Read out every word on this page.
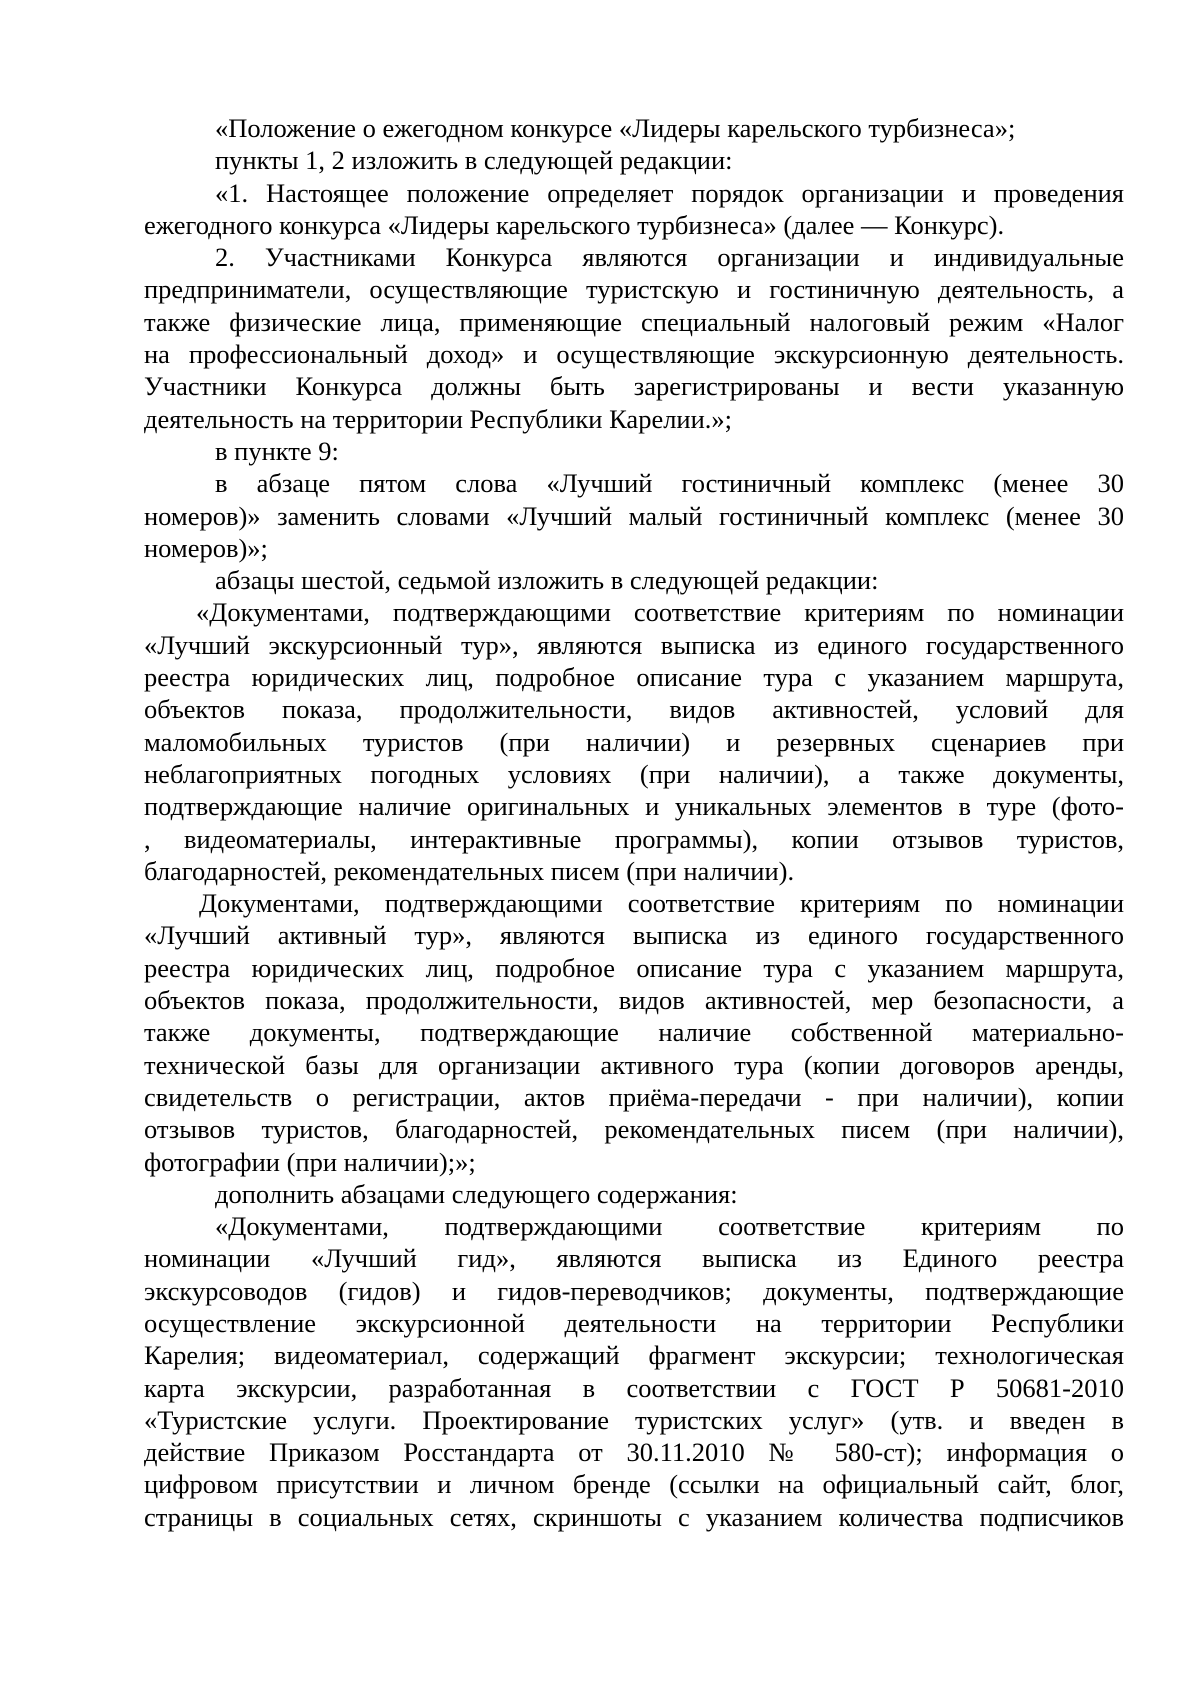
«Положение о ежегодном конкурсе «Лидеры карельского турбизнеса»;
пункты 1, 2 изложить в следующей редакции:
«1. Настоящее положение определяет порядок организации и проведения
ежегодного конкурса «Лидеры карельского турбизнеса» (далее — Конкурс).
2. Участниками Конкурса являются организации и индивидуальные
предприниматели, осуществляющие туристскую и гостиничную деятельность, а
также физические лица, применяющие специальный налоговый режим «Налог
на профессиональный доход» и осуществляющие экскурсионную деятельность.
Участники Конкурса должны быть зарегистрированы и вести указанную
деятельность на территории Республики Карелии.»;
в пункте 9:
в абзаце пятом слова «Лучший гостиничный комплекс (менее 30
номеров)» заменить словами «Лучший малый гостиничный комплекс (менее 30
номеров)»;
абзацы шестой, седьмой изложить в следующей редакции:
«Документами, подтверждающими соответствие критериям по номинации
«Лучший экскурсионный тур», являются выписка из единого государственного
реестра юридических лиц, подробное описание тура с указанием маршрута,
объектов показа, продолжительности, видов активностей, условий для
маломобильных туристов (при наличии) и резервных сценариев при
неблагоприятных погодных условиях (при наличии), а также документы,
подтверждающие наличие оригинальных и уникальных элементов в туре (фото-
, видеоматериалы, интерактивные программы), копии отзывов туристов,
благодарностей, рекомендательных писем (при наличии).
Документами, подтверждающими соответствие критериям по номинации
«Лучший активный тур», являются выписка из единого государственного
реестра юридических лиц, подробное описание тура с указанием маршрута,
объектов показа, продолжительности, видов активностей, мер безопасности, а
также документы, подтверждающие наличие собственной материально-
технической базы для организации активного тура (копии договоров аренды,
свидетельств о регистрации, актов приёма-передачи - при наличии), копии
отзывов туристов, благодарностей, рекомендательных писем (при наличии),
фотографии (при наличии);»;
дополнить абзацами следующего содержания:
«Документами, подтверждающими соответствие критериям по
номинации «Лучший гид», являются выписка из Единого реестра
экскурсоводов (гидов) и гидов-переводчиков; документы, подтверждающие
осуществление экскурсионной деятельности на территории Республики
Карелия; видеоматериал, содержащий фрагмент экскурсии; технологическая
карта экскурсии, разработанная в соответствии с ГОСТ Р 50681-2010
«Туристские услуги. Проектирование туристских услуг» (утв. и введен в
действие Приказом Росстандарта от 30.11.2010 № 580-ст); информация о
цифровом присутствии и личном бренде (ссылки на официальный сайт, блог,
страницы в социальных сетях, скриншоты с указанием количества подписчиков
